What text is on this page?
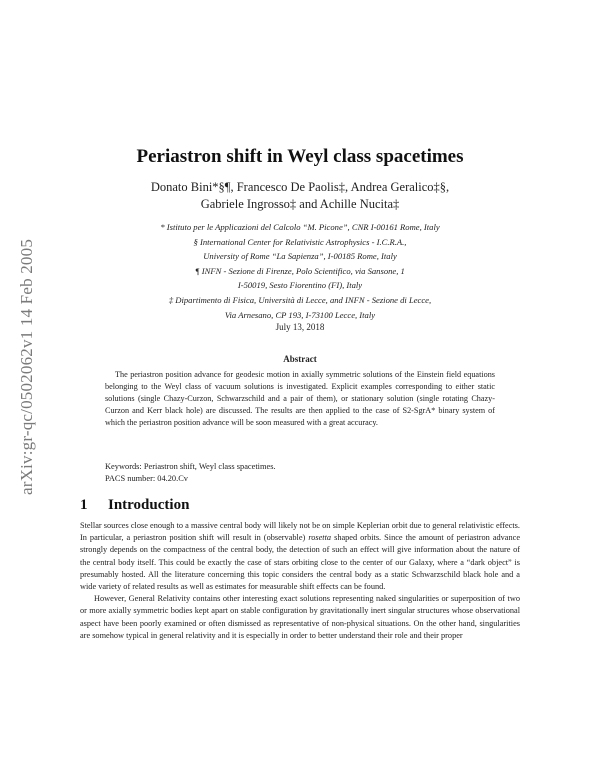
arXiv:gr-qc/0502062v1 14 Feb 2005
Periastron shift in Weyl class spacetimes
Donato Bini*§¶, Francesco De Paolis‡, Andrea Geralico‡§,
Gabriele Ingrosso‡ and Achille Nucita‡
* Istituto per le Applicazioni del Calcolo “M. Picone”, CNR I-00161 Rome, Italy
§ International Center for Relativistic Astrophysics - I.C.R.A.,
University of Rome “La Sapienza”, I-00185 Rome, Italy
¶ INFN - Sezione di Firenze, Polo Scientifico, via Sansone, 1
I-50019, Sesto Fiorentino (FI), Italy
‡ Dipartimento di Fisica, Università di Lecce, and INFN - Sezione di Lecce,
Via Arnesano, CP 193, I-73100 Lecce, Italy
July 13, 2018
Abstract
The periastron position advance for geodesic motion in axially symmetric solutions of the Einstein field equations belonging to the Weyl class of vacuum solutions is investigated. Explicit examples corresponding to either static solutions (single Chazy-Curzon, Schwarzschild and a pair of them), or stationary solution (single rotating Chazy-Curzon and Kerr black hole) are discussed. The results are then applied to the case of S2-SgrA* binary system of which the periastron position advance will be soon measured with a great accuracy.
Keywords: Periastron shift, Weyl class spacetimes.
PACS number: 04.20.Cv
1 Introduction

Stellar sources close enough to a massive central body will likely not be on simple Keplerian orbit due to general relativistic effects. In particular, a periastron position shift will result in (observable) rosetta shaped orbits. Since the amount of periastron advance strongly depends on the compactness of the central body, the detection of such an effect will give information about the nature of the central body itself. This could be exactly the case of stars orbiting close to the center of our Galaxy, where a “dark object” is presumably hosted. All the literature concerning this topic considers the central body as a static Schwarzschild black hole and a wide variety of related results as well as estimates for measurable shift effects can be found.

However, General Relativity contains other interesting exact solutions representing naked singularities or superposition of two or more axially symmetric bodies kept apart on stable configuration by gravitationally inert singular structures whose observational aspect have been poorly examined or often dismissed as representative of non-physical situations. On the other hand, singularities are somehow typical in general relativity and it is especially in order to better understand their role and their proper
